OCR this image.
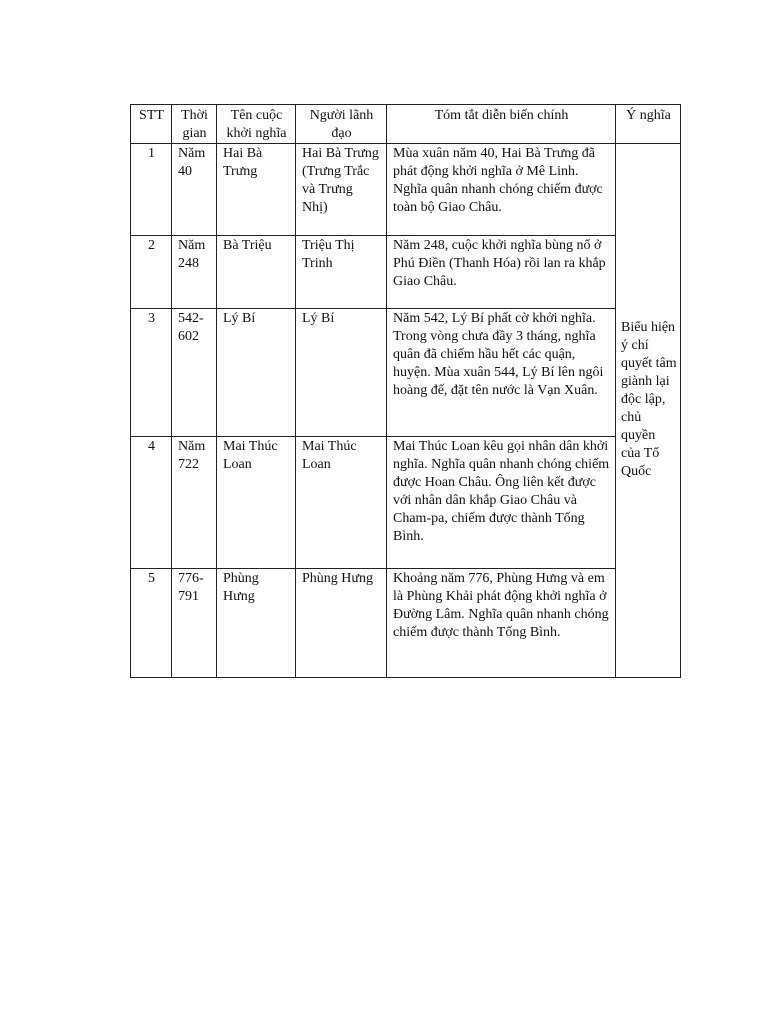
STT	Thời gian	Tên cuộc khởi nghĩa	Người lãnh đạo	Tóm tắt diễn biến chính	Ý nghĩa
1	Năm 40	Hai Bà Trưng	Hai Bà Trưng (Trưng Trắc và Trưng Nhị)	Mùa xuân năm 40, Hai Bà Trưng đã phát động khởi nghĩa ở Mê Linh. Nghĩa quân nhanh chóng chiếm được toàn bộ Giao Châu.	Biểu hiện ý chí quyết tâm giành lại độc lập, chủ quyền của Tổ Quốc

2	Năm 248	Bà Triệu	Triệu Thị Trinh	Năm 248, cuộc khởi nghĩa bùng nổ ở Phú Điền (Thanh Hóa) rồi lan ra khắp Giao Châu.	
3	542-602	Lý Bí	Lý Bí	Năm 542, Lý Bí phất cờ khởi nghĩa. Trong vòng chưa đầy 3 tháng, nghĩa quân đã chiếm hầu hết các quận, huyện. Mùa xuân 544, Lý Bí lên ngôi hoàng đế, đặt tên nước là Vạn Xuân.	
4	Năm 722	Mai Thúc Loan	Mai Thúc Loan	Mai Thúc Loan kêu gọi nhân dân khởi nghĩa. Nghĩa quân nhanh chóng chiếm được Hoan Châu. Ông liên kết được với nhân dân khắp Giao Châu và Cham-pa, chiếm được thành Tống Bình.	
5	776-791	Phùng Hưng	Phùng Hưng	Khoảng năm 776, Phùng Hưng và em là Phùng Khải phát động khởi nghĩa ở Đường Lâm. Nghĩa quân nhanh chóng chiếm được thành Tống Bình.	
